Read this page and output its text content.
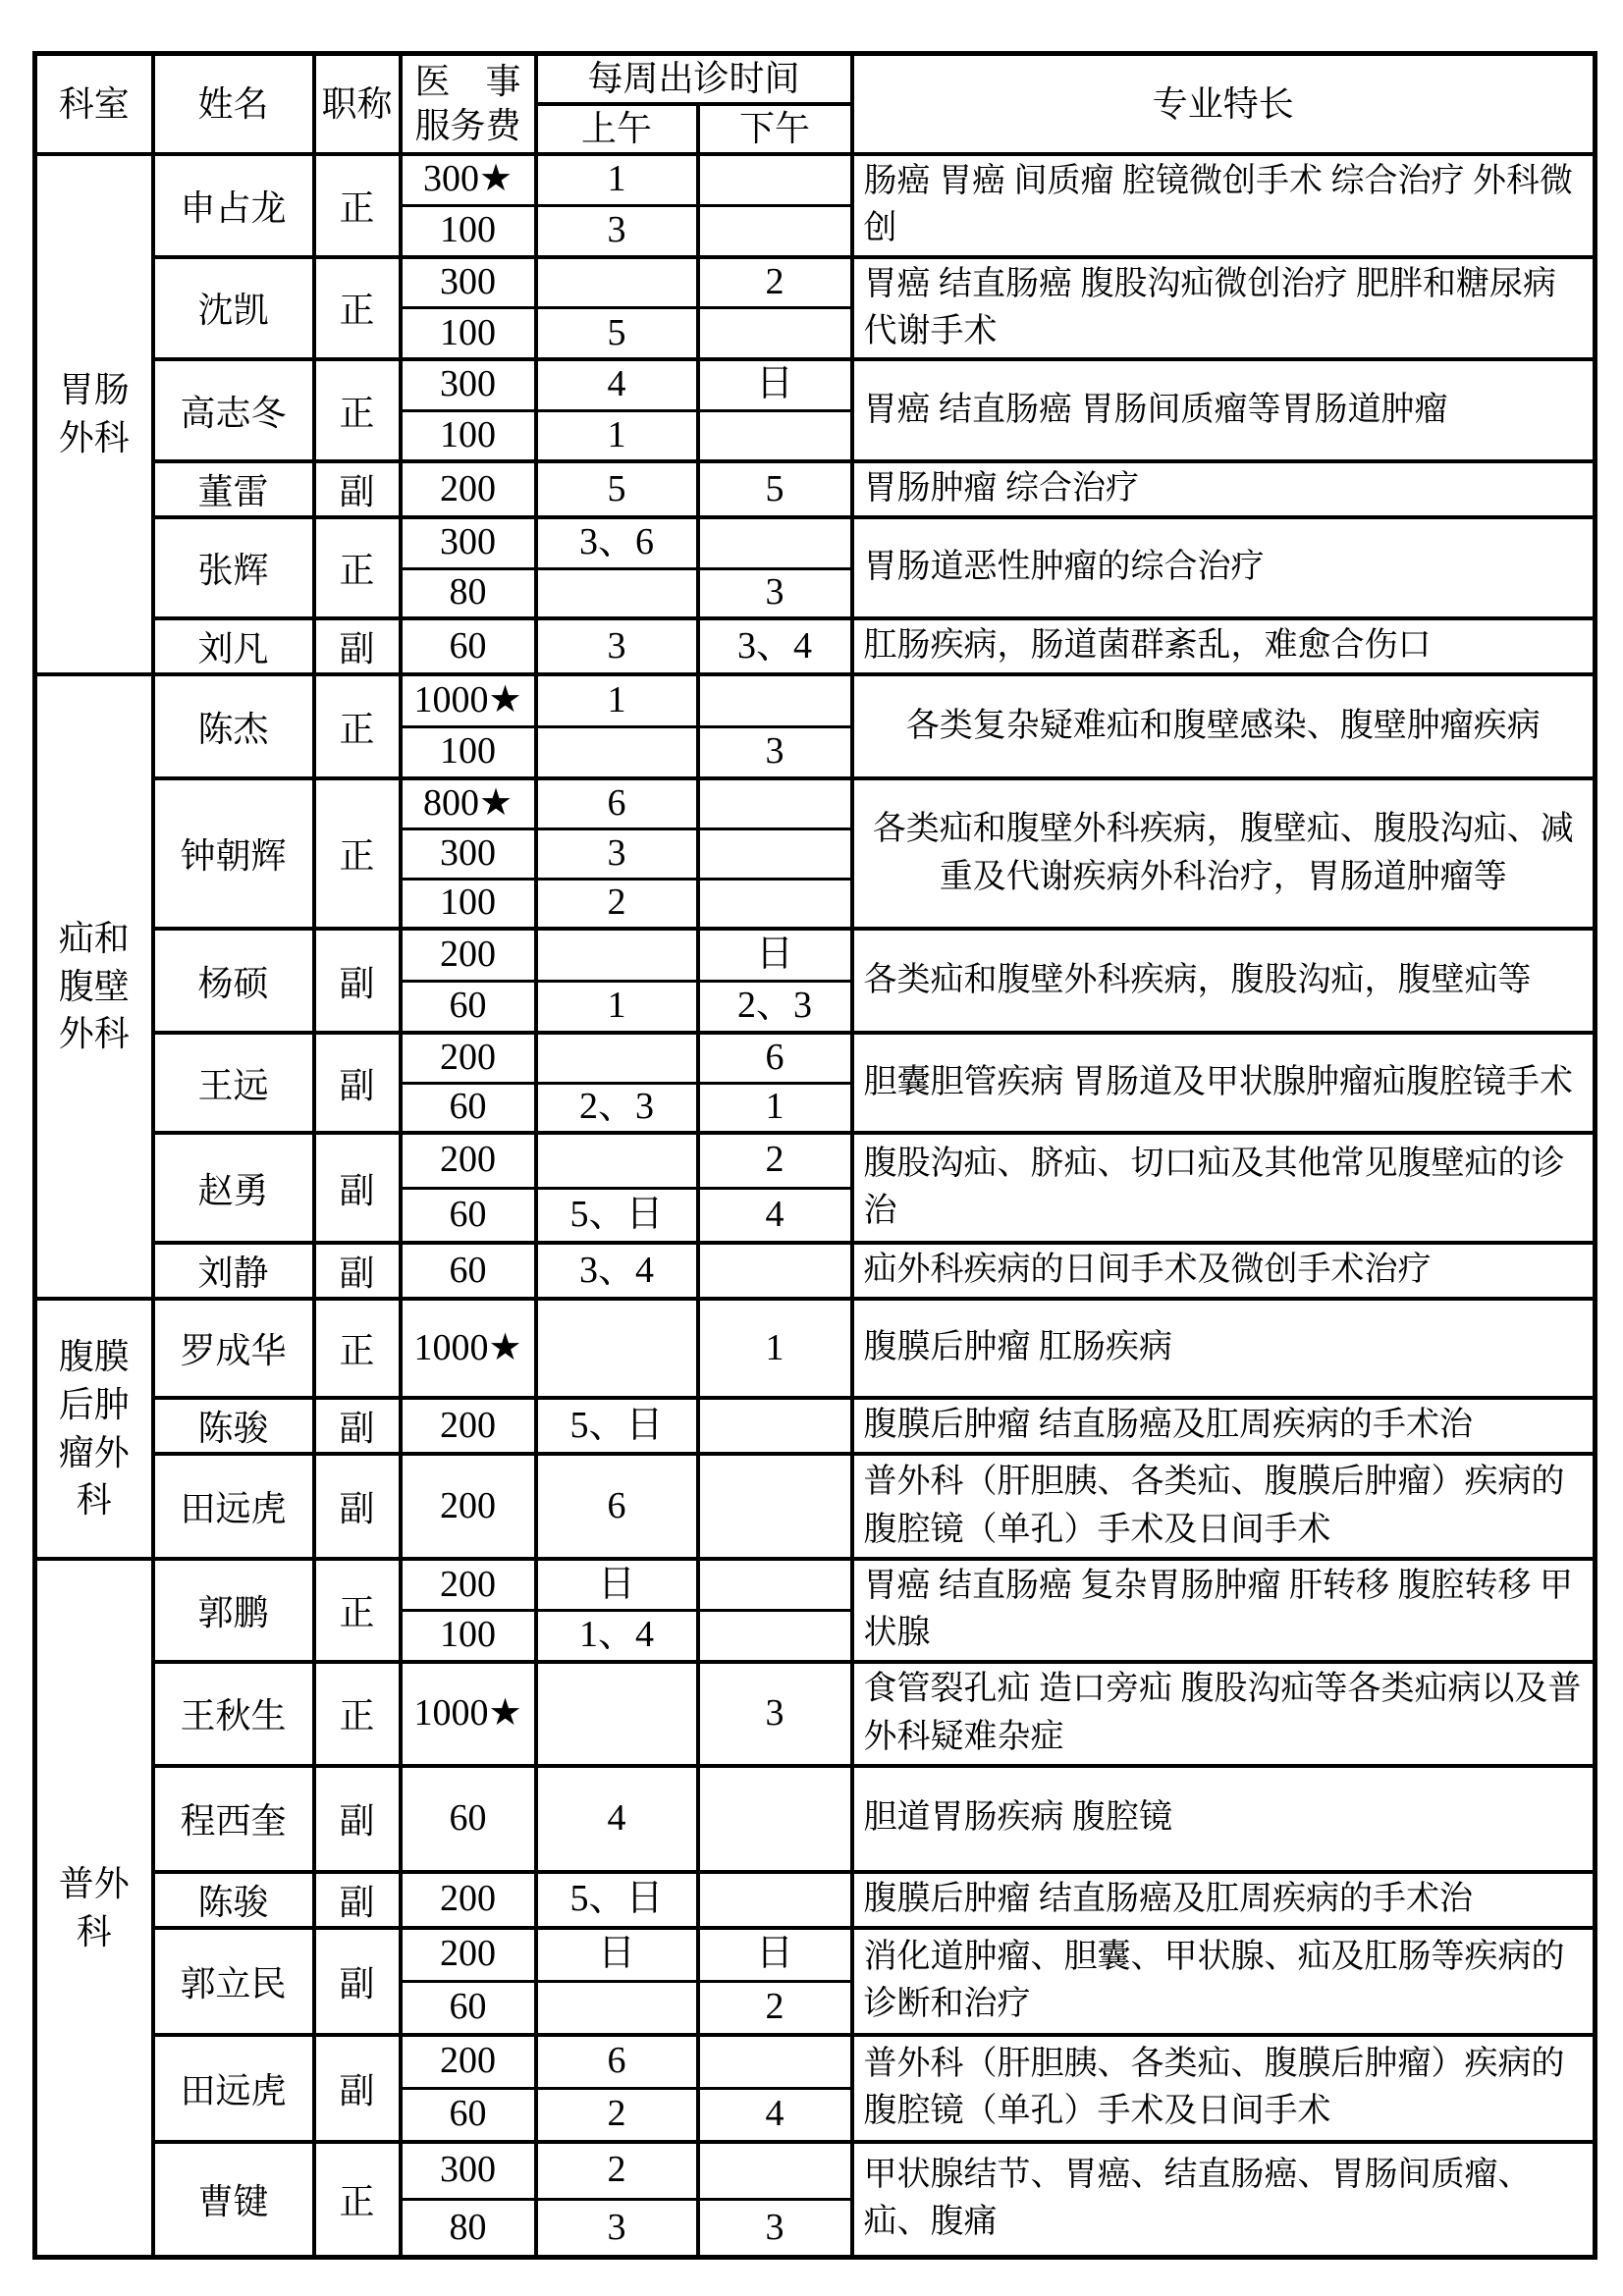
科室	姓名	职称	医　事
服务费	每周出诊时间		专业特长
				上午	下午	
胃肠
外科	申占龙	正	300★	1		肠癌 胃癌 间质瘤 腔镜微创手术 综合治疗 外科微创
			100	3		
	沈凯	正	300		2	胃癌 结直肠癌 腹股沟疝微创治疗 肥胖和糖尿病代谢手术
			100	5		
	高志冬	正	300	4	日	胃癌 结直肠癌 胃肠间质瘤等胃肠道肿瘤
			100	1		
	董雷	副	200	5	5	胃肠肿瘤 综合治疗
	张辉	正	300	3、6		胃肠道恶性肿瘤的综合治疗
			80		3	
	刘凡	副	60	3	3、4	肛肠疾病，肠道菌群紊乱，难愈合伤口
疝和
腹壁
外科	陈杰	正	1000★	1		各类复杂疑难疝和腹壁感染、腹壁肿瘤疾病
			100		3	
	钟朝辉	正	800★	6		各类疝和腹壁外科疾病，腹壁疝、腹股沟疝、减重及代谢疾病外科治疗，胃肠道肿瘤等
			300	3		
			100	2		
	杨硕	副	200		日	各类疝和腹壁外科疾病，腹股沟疝，腹壁疝等
			60	1	2、3	
	王远	副	200		6	胆囊胆管疾病 胃肠道及甲状腺肿瘤疝腹腔镜手术
			60	2、3	1	
	赵勇	副	200		2	腹股沟疝、脐疝、切口疝及其他常见腹壁疝的诊治
			60	5、日	4	
	刘静	副	60	3、4		疝外科疾病的日间手术及微创手术治疗
腹膜
后肿
瘤外
科	罗成华	正	1000★		1	腹膜后肿瘤 肛肠疾病
	陈骏	副	200	5、日		腹膜后肿瘤 结直肠癌及肛周疾病的手术治
	田远虎	副	200	6		普外科（肝胆胰、各类疝、腹膜后肿瘤）疾病的腹腔镜（单孔）手术及日间手术
普外
科	郭鹏	正	200	日		胃癌 结直肠癌 复杂胃肠肿瘤 肝转移 腹腔转移 甲状腺
			100	1、4		
	王秋生	正	1000★		3	食管裂孔疝 造口旁疝 腹股沟疝等各类疝病以及普外科疑难杂症
	程西奎	副	60	4		胆道胃肠疾病 腹腔镜
	陈骏	副	200	5、日		腹膜后肿瘤 结直肠癌及肛周疾病的手术治
	郭立民	副	200	日	日	消化道肿瘤、胆囊、甲状腺、疝及肛肠等疾病的诊断和治疗
			60		2	
	田远虎	副	200	6		普外科（肝胆胰、各类疝、腹膜后肿瘤）疾病的腹腔镜（单孔）手术及日间手术
			60	2	4	
	曹键	正	300	2		甲状腺结节、胃癌、结直肠癌、胃肠间质瘤、疝、腹痛
			80	3	3	
